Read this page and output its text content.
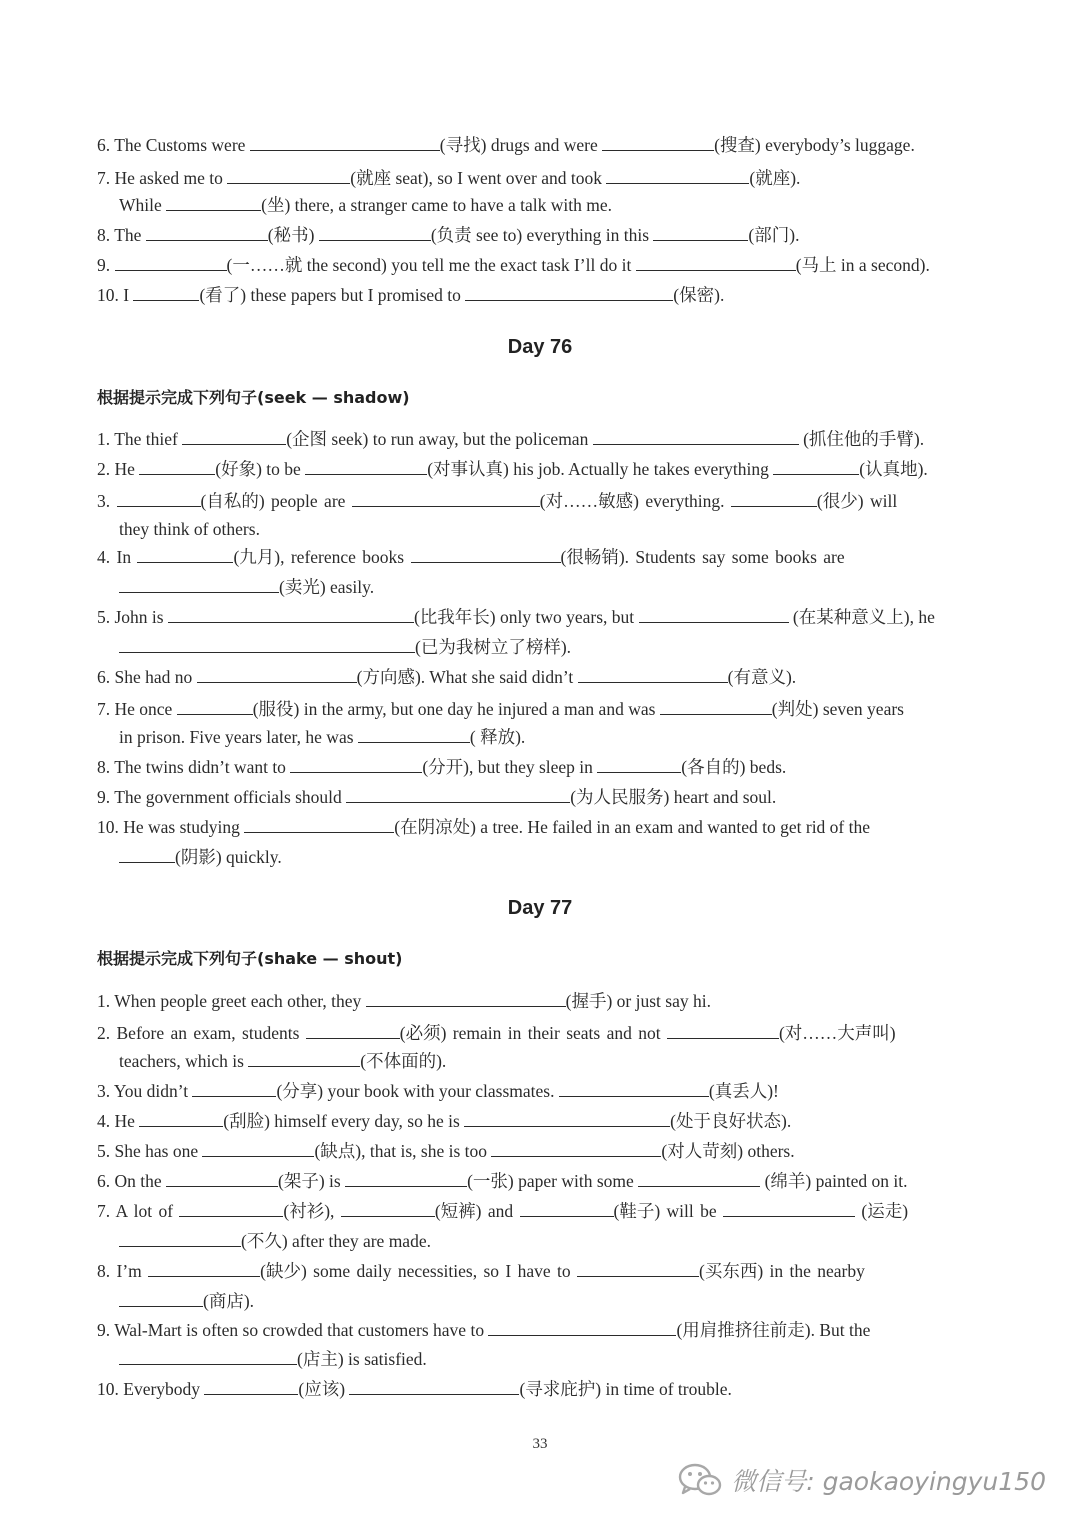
6. The Customs were	(寻找) drugs and were	(搜查) everybody’s luggage.
7. He asked me to	(就座 seat), so I went over and took	(就座).
While	(坐) there, a stranger came to have a talk with me.
8. The	(秘书)	(负责 see to) everything in this	(部门).
9.	(一……就 the second) you tell me the exact task I’ll do it	(马上 in a second).
10. I	(看了) these papers but I promised to	(保密).
Day 76
根据提示完成下列句子(seek — shadow)
1. The thief	(企图 seek) to run away, but the policeman	(抓住他的手臂).
2. He	(好象) to be	(对事认真) his job. Actually he takes everything	(认真地).
3.	(自私的) people are	(对……敏感) everything.	(很少) will
they think of others.
4. In	(九月), reference books	(很畅销). Students say some books are
(卖光) easily.
5. John is	(比我年长) only two years, but	(在某种意义上), he
(已为我树立了榜样).
6. She had no	(方向感). What she said didn’t	(有意义).
7. He once	(服役) in the army, but one day he injured a man and was	(判处) seven years
in prison. Five years later, he was	( 释放).
8. The twins didn’t want to	(分开), but they sleep in	(各自的) beds.
9. The government officials should	(为人民服务) heart and soul.
10. He was studying	(在阴凉处) a tree. He failed in an exam and wanted to get rid of the
(阴影) quickly.
Day 77
根据提示完成下列句子(shake — shout)
1. When people greet each other, they	(握手) or just say hi.
2. Before an exam, students	(必须) remain in their seats and not	(对……大声叫)
teachers, which is	(不体面的).
3. You didn’t	(分享) your book with your classmates.	(真丢人)!
4. He	(刮脸) himself every day, so he is	(处于良好状态).
5. She has one	(缺点), that is, she is too	(对人苛刻) others.
6. On the	(架子) is	(一张) paper with some	(绵羊) painted on it.
7. A lot of	(衬衫),	(短裤) and	(鞋子) will be	(运走)
(不久) after they are made.
8. I’m	(缺少) some daily necessities, so I have to	(买东西) in the nearby
(商店).
9. Wal-Mart is often so crowded that customers have to	(用肩推挤往前走). But the
(店主) is satisfied.
10. Everybody	(应该)	(寻求庇护) in time of trouble.
33
微信号: gaokaoyingyu150
